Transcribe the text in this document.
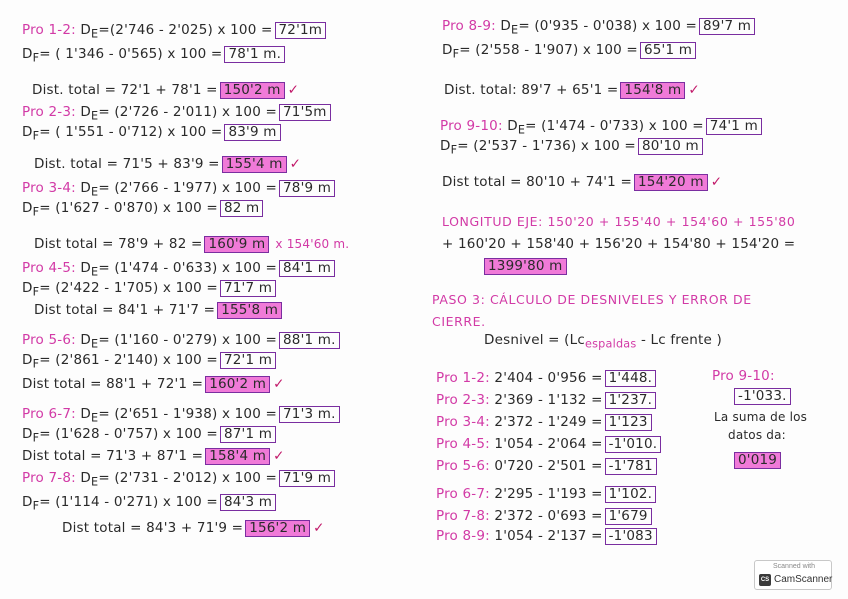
Pro 1-2: $D_E=(2'746 - 2'025)$ x 100 = 72'1m
$D_F=$ ( 1'346 - 0'565) x 100 = 78'1 m.
Dist. total = 72'1 + 78'1 = 150'2 m ✓
Pro 2-3: $D_E= (2'726 - 2'011)$ x 100 = 71'5m
$D_F=$ ( 1'551 - 0'712) x 100 = 83'9 m
Dist. total = 71'5 + 83'9 = 155'4 m ✓
Pro 3-4: $D_E= (2'766 - 1'977)$ x 100 = 78'9 m
$D_F= (1'627 - 0'870)$ x 100 = 82 m
Dist total = 78'9 + 82 = 160'9 m x 154'60 m.
Pro 4-5: $D_E= (1'474 - 0'633)$ x 100 = 84'1 m
$D_F= (2'422 - 1'705)$ x 100 = 71'7 m
Dist total = 84'1 + 71'7 = 155'8 m
Pro 5-6: $D_E= (1'160 - 0'279)$ x 100 = 88'1 m.
$D_F= (2'861 - 2'140)$ x 100 = 72'1 m
Dist total = 88'1 + 72'1 = 160'2 m ✓
Pro 6-7: $D_E= (2'651 - 1'938)$ x 100 = 71'3 m.
$D_F= (1'628 - 0'757)$ x 100 = 87'1 m
Dist total = 71'3 + 87'1 = 158'4 m ✓
Pro 7-8: $D_E= (2'731 - 2'012)$ x 100 = 71'9 m
$D_F= (1'114 - 0'271)$ x 100 = 84'3 m
Dist total = 84'3 + 71'9 = 156'2 m ✓
Pro 8-9: $D_E= (0'935 - 0'038)$ x 100 = 89'7 m
$D_F= (2'558 - 1'907)$ x 100 = 65'1 m
Dist. total: 89'7 + 65'1 = 154'8 m ✓
Pro 9-10: $D_E= (1'474 - 0'733)$ x 100 = 74'1 m
$D_F= (2'537 - 1'736)$ x 100 = 80'10 m
Dist total = 80'10 + 74'1 = 154'20 m ✓
LONGITUD EJE: 150'20 + 155'40 + 154'60 + 155'80
+ 160'20 + 158'40 + 156'20 + 154'80 + 154'20 =
1399'80 m
PASO 3: CÁLCULO DE DESNIVELES Y ERROR DE
CIERRE.
Desnivel = ($Lc_{espaldas}$ - Lc frente )
Pro 1-2: 2'404 - 0'956 = 1'448.
Pro 2-3: 2'369 - 1'132 = 1'237.
Pro 3-4: 2'372 - 1'249 = 1'123
Pro 4-5: 1'054 - 2'064 = -1'010.
Pro 5-6: 0'720 - 2'501 = -1'781
Pro 6-7: 2'295 - 1'193 = 1'102.
Pro 7-8: 2'372 - 0'693 = 1'679
Pro 8-9: 1'054 - 2'137 = -1'083
Pro 9-10:
-1'033.
La suma de los
datos da:
0'019
Scanned with
CS CamScanner
